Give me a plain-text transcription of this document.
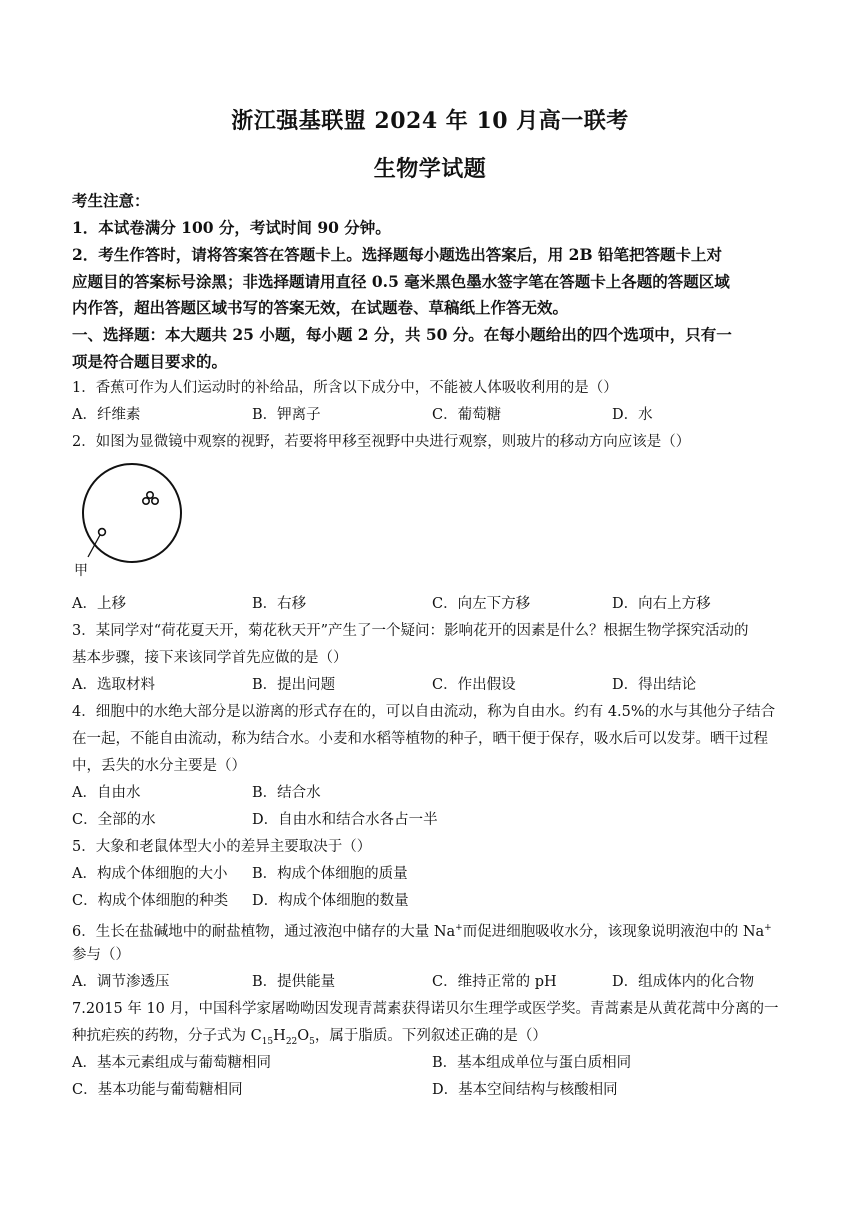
浙江强基联盟 2024 年 10 月高一联考
生物学试题
考生注意：
1．本试卷满分 100 分，考试时间 90 分钟。
2．考生作答时，请将答案答在答题卡上。选择题每小题选出答案后，用 2B 铅笔把答题卡上对
应题目的答案标号涂黑；非选择题请用直径 0.5 毫米黑色墨水签字笔在答题卡上各题的答题区域
内作答，超出答题区域书写的答案无效，在试题卷、草稿纸上作答无效。
一、选择题：本大题共 25 小题，每小题 2 分，共 50 分。在每小题给出的四个选项中，只有一
项是符合题目要求的。
1．香蕉可作为人们运动时的补给品，所含以下成分中，不能被人体吸收利用的是（）
A．纤维素	B．钾离子	C．葡萄糖	D．水
2．如图为显微镜中观察的视野，若要将甲移至视野中央进行观察，则玻片的移动方向应该是（）
甲
A．上移	B．右移	C．向左下方移	D．向右上方移
3．某同学对“荷花夏天开，菊花秋天开”产生了一个疑问：影响花开的因素是什么？根据生物学探究活动的
基本步骤，接下来该同学首先应做的是（）
A．选取材料	B．提出问题	C．作出假设	D．得出结论
4．细胞中的水绝大部分是以游离的形式存在的，可以自由流动，称为自由水。约有 4.5%的水与其他分子结合
在一起，不能自由流动，称为结合水。小麦和水稻等植物的种子，晒干便于保存，吸水后可以发芽。晒干过程
中，丢失的水分主要是（）
A．自由水	B．结合水
C．全部的水	D．自由水和结合水各占一半
5．大象和老鼠体型大小的差异主要取决于（）
A．构成个体细胞的大小 B．构成个体细胞的质量
C．构成个体细胞的种类 D．构成个体细胞的数量
6．生长在盐碱地中的耐盐植物，通过液泡中储存的大量 Na+而促进细胞吸收水分，该现象说明液泡中的 Na+
参与（）
A．调节渗透压	B．提供能量	C．维持正常的 pH	D．组成体内的化合物
7.2015 年 10 月，中国科学家屠呦呦因发现青蒿素获得诺贝尔生理学或医学奖。青蒿素是从黄花蒿中分离的一
种抗疟疾的药物，分子式为 $C_{15}H_{22}O_5$，属于脂质。下列叙述正确的是（）
A．基本元素组成与葡萄糖相同	B．基本组成单位与蛋白质相同
C．基本功能与葡萄糖相同	D．基本空间结构与核酸相同
